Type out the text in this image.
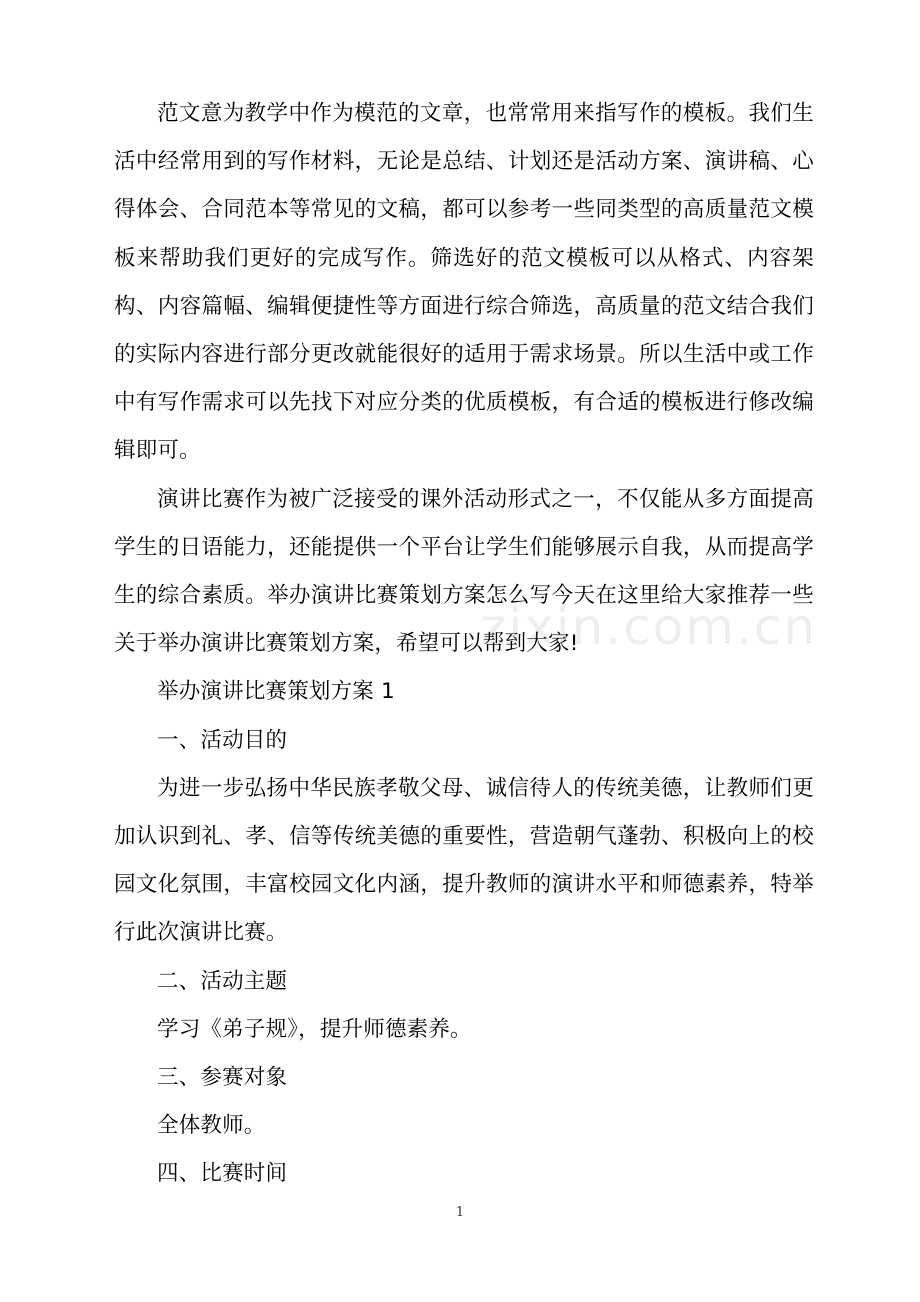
范文意为教学中作为模范的文章，也常常用来指写作的模板。我们生活中经常用到的写作材料，无论是总结、计划还是活动方案、演讲稿、心得体会、合同范本等常见的文稿，都可以参考一些同类型的高质量范文模板来帮助我们更好的完成写作。筛选好的范文模板可以从格式、内容架构、内容篇幅、编辑便捷性等方面进行综合筛选，高质量的范文结合我们的实际内容进行部分更改就能很好的适用于需求场景。所以生活中或工作中有写作需求可以先找下对应分类的优质模板，有合适的模板进行修改编辑即可。

演讲比赛作为被广泛接受的课外活动形式之一，不仅能从多方面提高学生的日语能力，还能提供一个平台让学生们能够展示自我，从而提高学生的综合素质。举办演讲比赛策划方案怎么写今天在这里给大家推荐一些关于举办演讲比赛策划方案，希望可以帮到大家!

举办演讲比赛策划方案 1

一、活动目的

为进一步弘扬中华民族孝敬父母、诚信待人的传统美德，让教师们更加认识到礼、孝、信等传统美德的重要性，营造朝气蓬勃、积极向上的校园文化氛围，丰富校园文化内涵，提升教师的演讲水平和师德素养，特举行此次演讲比赛。

二、活动主题

学习《弟子规》，提升师德素养。

三、参赛对象

全体教师。

四、比赛时间

zixin.com.cn
1
